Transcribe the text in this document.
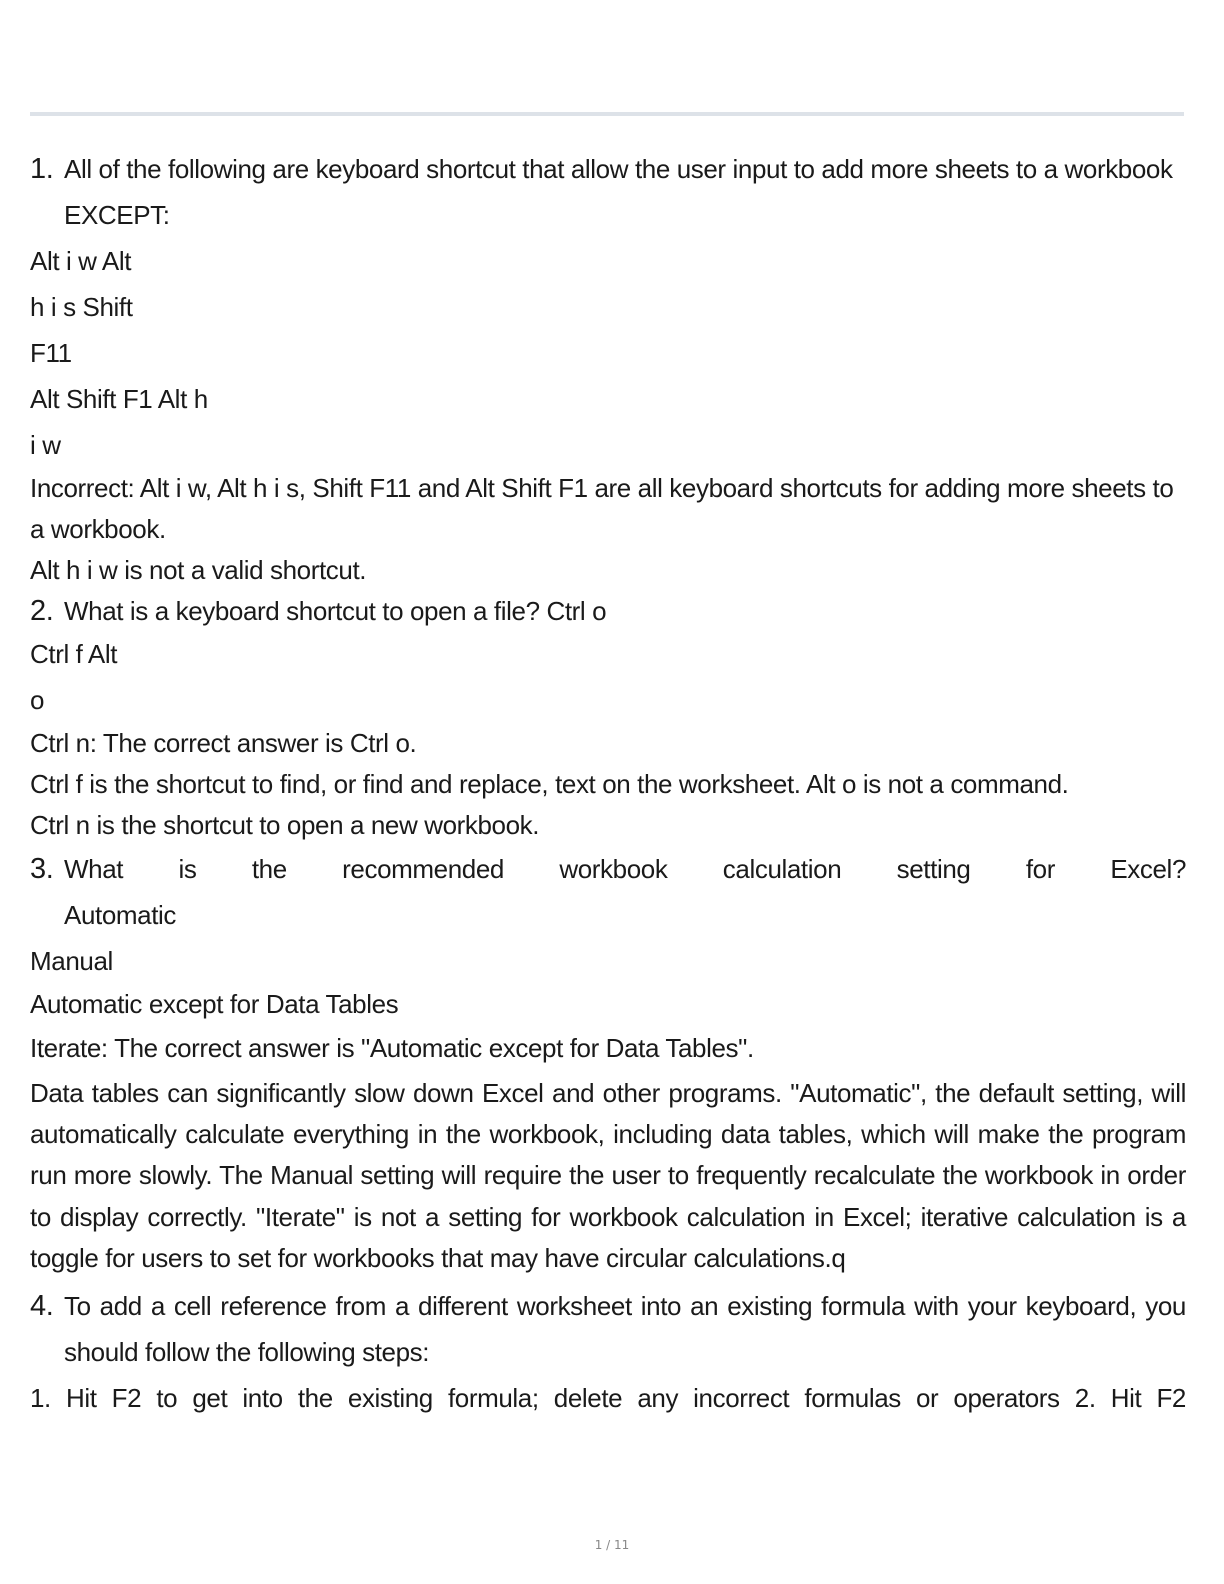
1. All of the following are keyboard shortcut that allow the user input to add more sheets to a workbook EXCEPT:
Alt i w Alt
h i s Shift
F11
Alt Shift F1 Alt h
i w
Incorrect: Alt i w, Alt h i s, Shift F11 and Alt Shift F1 are all keyboard shortcuts for adding more sheets to a workbook.
Alt h i w is not a valid shortcut.
2. What is a keyboard shortcut to open a file? Ctrl o
Ctrl f Alt
o
Ctrl n: The correct answer is Ctrl o.
Ctrl f is the shortcut to find, or find and replace, text on the worksheet. Alt o is not a command.
Ctrl n is the shortcut to open a new workbook.
3. What is the recommended workbook calculation setting for Excel?
Automatic
Manual
Automatic except for Data Tables
Iterate: The correct answer is "Automatic except for Data Tables".
Data tables can significantly slow down Excel and other programs. "Automatic", the default setting, will automatically calculate everything in the workbook, including data tables, which will make the program run more slowly. The Manual setting will require the user to frequently recalculate the workbook in order to display correctly. "Iterate" is not a setting for workbook calculation in Excel; iterative calculation is a toggle for users to set for workbooks that may have circular calculations.q
4. To add a cell reference from a different worksheet into an existing formula with your keyboard, you should follow the following steps:
1. Hit F2 to get into the existing formula; delete any incorrect formulas or operators 2. Hit F2
1 / 11
